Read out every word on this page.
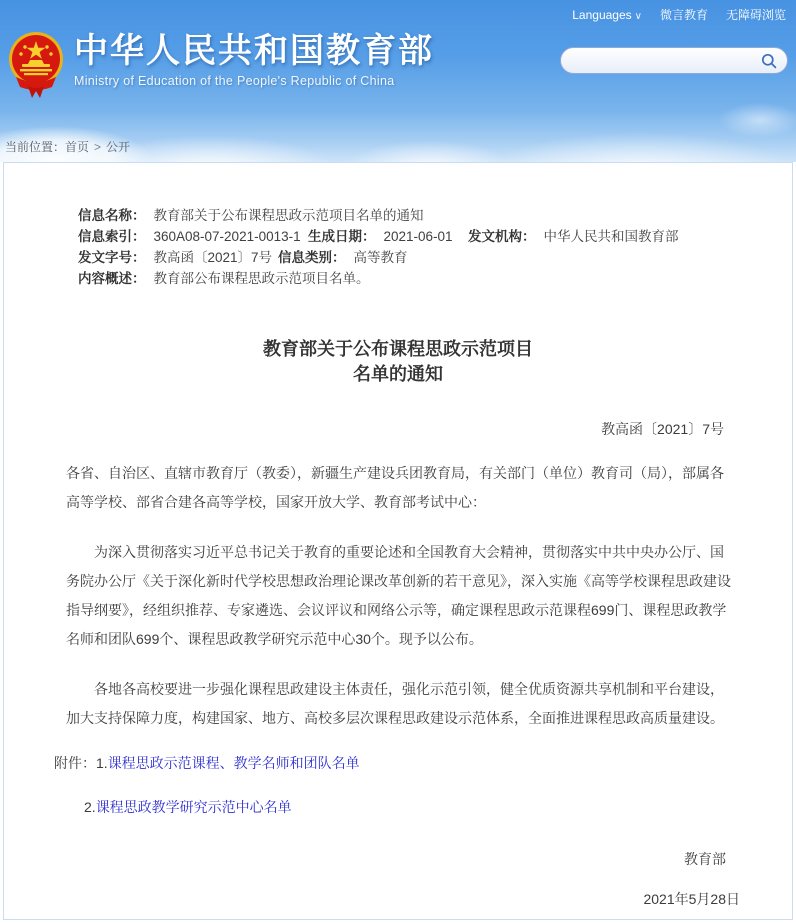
Languages ∨ 微言教育 无障碍浏览
中华人民共和国教育部
Ministry of Education of the People's Republic of China
当前位置：首页 > 公开
信息名称： 教育部关于公布课程思政示范项目名单的通知
信息索引： 360A08-07-2021-0013-1 生成日期： 2021-06-01 发文机构： 中华人民共和国教育部
发文字号： 教高函〔2021〕7号 信息类别： 高等教育
内容概述： 教育部公布课程思政示范项目名单。
教育部关于公布课程思政示范项目
名单的通知
教高函〔2021〕7号

各省、自治区、直辖市教育厅（教委），新疆生产建设兵团教育局，有关部门（单位）教育司（局），部属各高等学校、部省合建各高等学校，国家开放大学、教育部考试中心：

为深入贯彻落实习近平总书记关于教育的重要论述和全国教育大会精神，贯彻落实中共中央办公厅、国务院办公厅《关于深化新时代学校思想政治理论课改革创新的若干意见》，深入实施《高等学校课程思政建设指导纲要》，经组织推荐、专家遴选、会议评议和网络公示等，确定课程思政示范课程699门、课程思政教学名师和团队699个、课程思政教学研究示范中心30个。现予以公布。

各地各高校要进一步强化课程思政建设主体责任，强化示范引领，健全优质资源共享机制和平台建设，加大支持保障力度，构建国家、地方、高校多层次课程思政建设示范体系，全面推进课程思政高质量建设。

附件：1.课程思政示范课程、教学名师和团队名单
2.课程思政教学研究示范中心名单
教育部
2021年5月28日
